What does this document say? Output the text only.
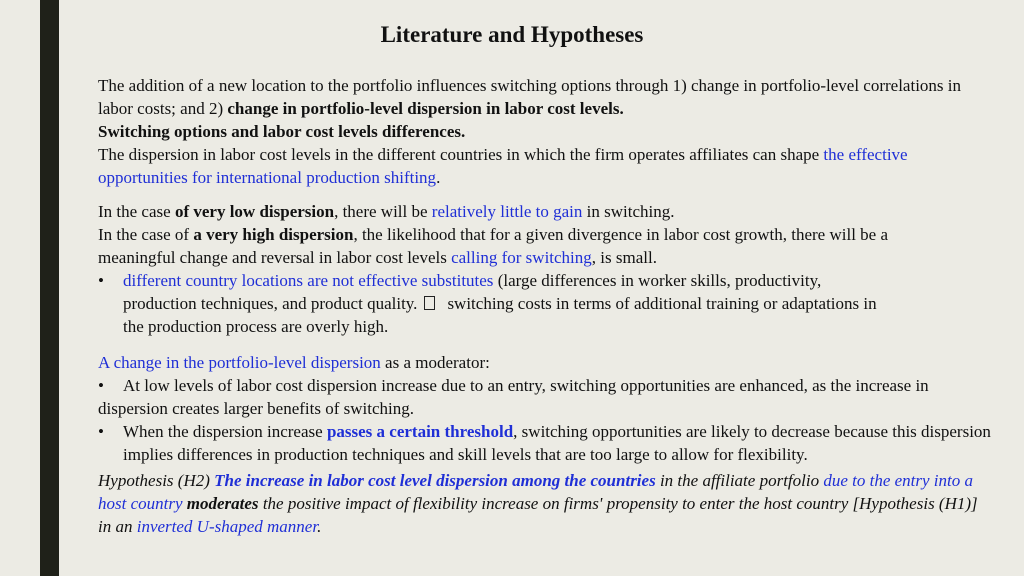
Literature and Hypotheses

The addition of a new location to the portfolio influences switching options through 1) change in portfolio-level correlations in labor costs; and 2) change in portfolio-level dispersion in labor cost levels.

Switching options and labor cost levels differences.

The dispersion in labor cost levels in the different countries in which the firm operates affiliates can shape the effective opportunities for international production shifting.

In the case of very low dispersion, there will be relatively little to gain in switching.

In the case of a very high dispersion, the likelihood that for a given divergence in labor cost growth, there will be a meaningful change and reversal in labor cost levels calling for switching, is small.

• different country locations are not effective substitutes (large differences in worker skills, productivity, production techniques, and product quality. switching costs in terms of additional training or adaptations in the production process are overly high.

A change in the portfolio-level dispersion as a moderator:

• At low levels of labor cost dispersion increase due to an entry, switching opportunities are enhanced, as the increase in dispersion creates larger benefits of switching.

• When the dispersion increase passes a certain threshold, switching opportunities are likely to decrease because this dispersion implies differences in production techniques and skill levels that are too large to allow for flexibility.

Hypothesis (H2) The increase in labor cost level dispersion among the countries in the affiliate portfolio due to the entry into a host country moderates the positive impact of flexibility increase on firms' propensity to enter the host country [Hypothesis (H1)] in an inverted U-shaped manner.
